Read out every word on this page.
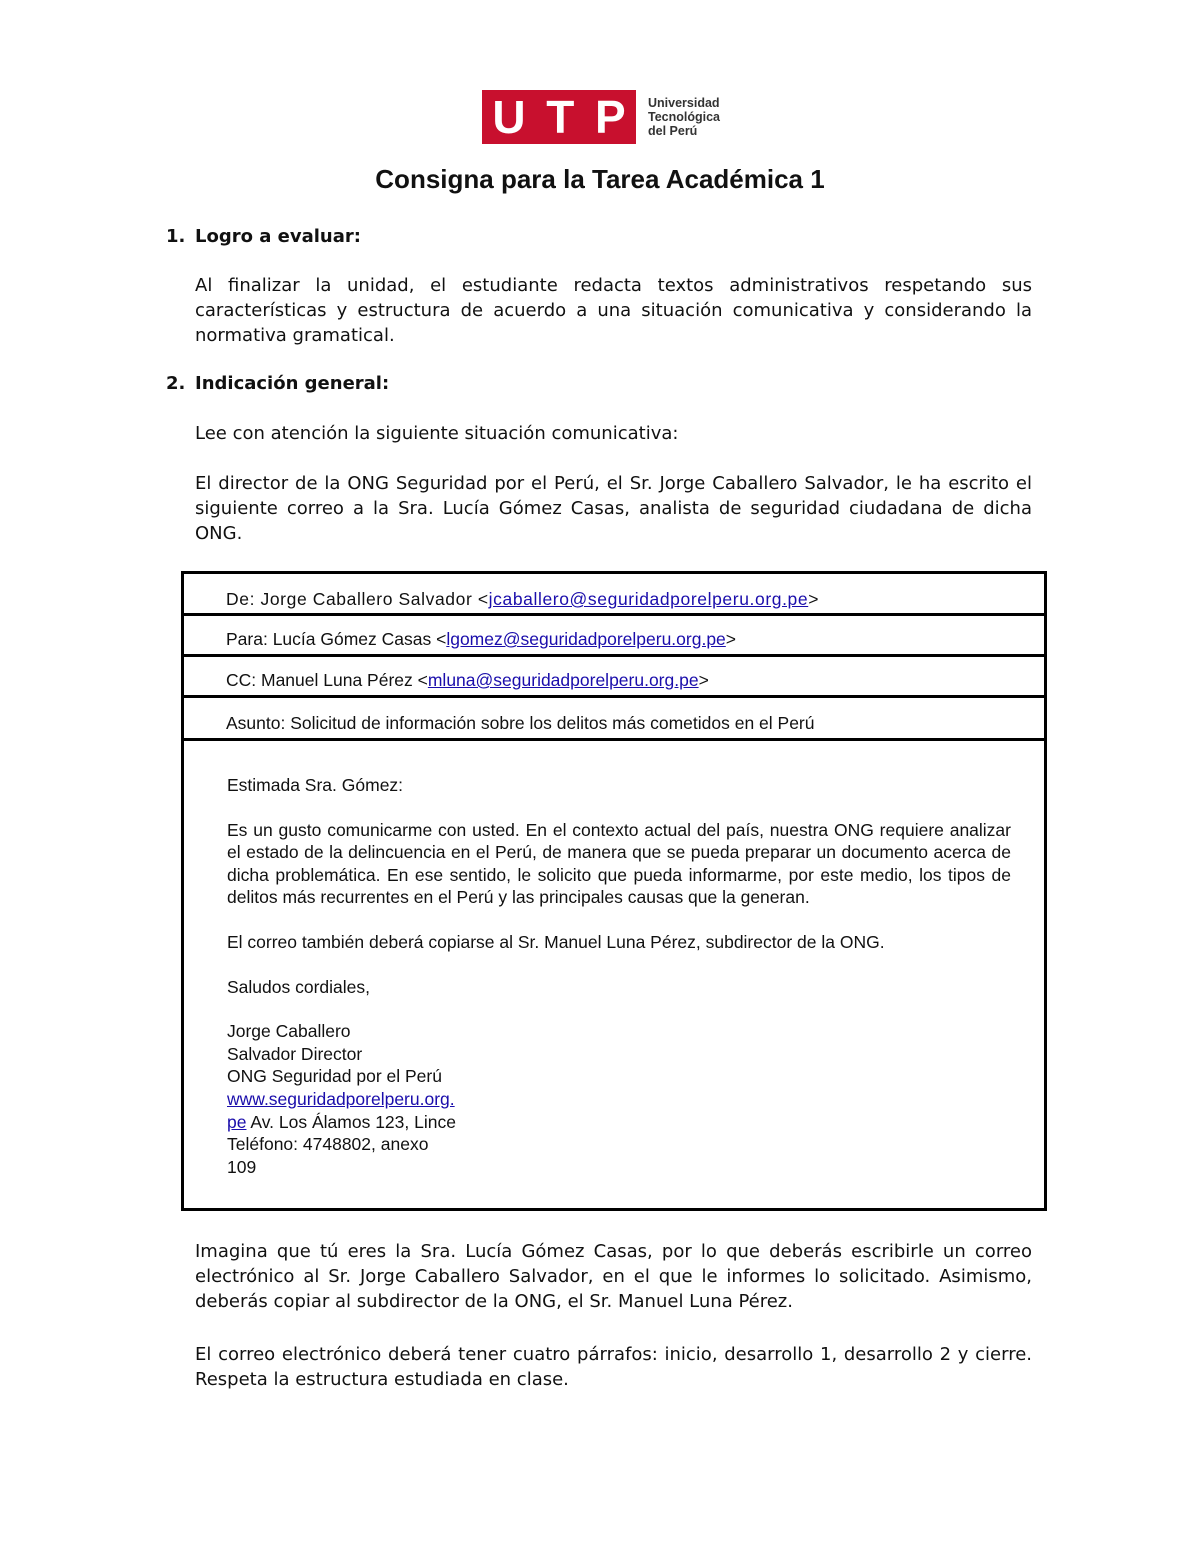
U T P Universidad
Tecnológica
del Perú
Consigna para la Tarea Académica 1
1. Logro a evaluar:
Al finalizar la unidad, el estudiante redacta textos administrativos respetando sus características y estructura de acuerdo a una situación comunicativa y considerando la normativa gramatical.
2. Indicación general:
Lee con atención la siguiente situación comunicativa:
El director de la ONG Seguridad por el Perú, el Sr. Jorge Caballero Salvador, le ha escrito el siguiente correo a la Sra. Lucía Gómez Casas, analista de seguridad ciudadana de dicha ONG.
De: Jorge Caballero Salvador <jcaballero@seguridadporelperu.org.pe>
Para: Lucía Gómez Casas <lgomez@seguridadporelperu.org.pe>
CC: Manuel Luna Pérez <mluna@seguridadporelperu.org.pe>
Asunto: Solicitud de información sobre los delitos más cometidos en el Perú
Estimada Sra. Gómez:
Es un gusto comunicarme con usted. En el contexto actual del país, nuestra ONG requiere analizar el estado de la delincuencia en el Perú, de manera que se pueda preparar un documento acerca de dicha problemática. En ese sentido, le solicito que pueda informarme, por este medio, los tipos de delitos más recurrentes en el Perú y las principales causas que la generan.
El correo también deberá copiarse al Sr. Manuel Luna Pérez, subdirector de la ONG.
Saludos cordiales,
Jorge Caballero
Salvador Director
ONG Seguridad por el Perú
www.seguridadporelperu.org.
pe Av. Los Álamos 123, Lince
Teléfono: 4748802, anexo
109
Imagina que tú eres la Sra. Lucía Gómez Casas, por lo que deberás escribirle un correo electrónico al Sr. Jorge Caballero Salvador, en el que le informes lo solicitado. Asimismo, deberás copiar al subdirector de la ONG, el Sr. Manuel Luna Pérez.
El correo electrónico deberá tener cuatro párrafos: inicio, desarrollo 1, desarrollo 2 y cierre. Respeta la estructura estudiada en clase.
